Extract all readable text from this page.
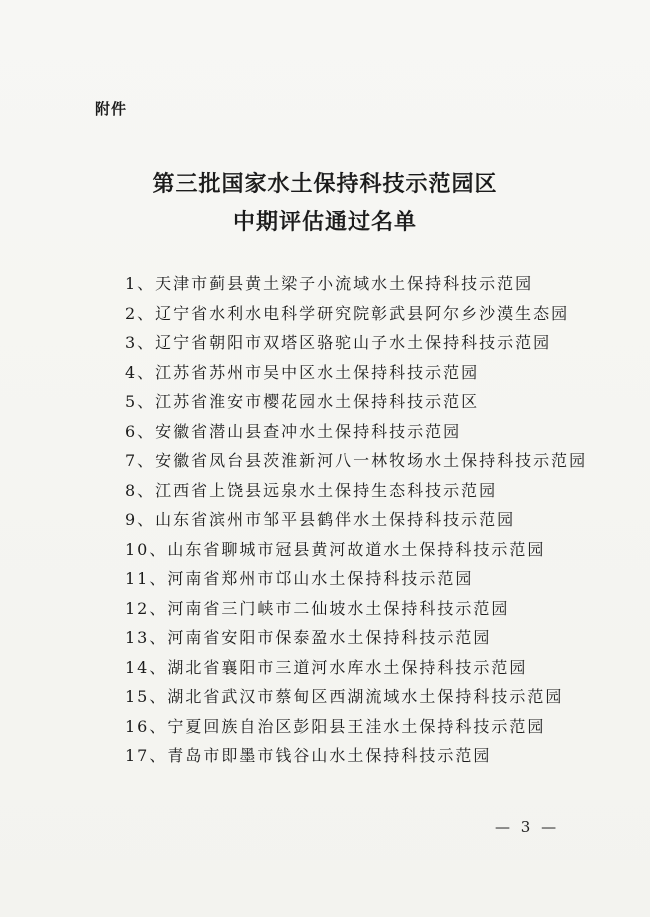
附件
第三批国家水土保持科技示范园区
中期评估通过名单
1、天津市蓟县黄土梁子小流域水土保持科技示范园
2、辽宁省水利水电科学研究院彰武县阿尔乡沙漠生态园
3、辽宁省朝阳市双塔区骆驼山子水土保持科技示范园
4、江苏省苏州市吴中区水土保持科技示范园
5、江苏省淮安市樱花园水土保持科技示范区
6、安徽省潜山县查冲水土保持科技示范园
7、安徽省凤台县茨淮新河八一林牧场水土保持科技示范园
8、江西省上饶县远泉水土保持生态科技示范园
9、山东省滨州市邹平县鹤伴水土保持科技示范园
10、山东省聊城市冠县黄河故道水土保持科技示范园
11、河南省郑州市邙山水土保持科技示范园
12、河南省三门峡市二仙坡水土保持科技示范园
13、河南省安阳市保泰盈水土保持科技示范园
14、湖北省襄阳市三道河水库水土保持科技示范园
15、湖北省武汉市蔡甸区西湖流域水土保持科技示范园
16、宁夏回族自治区彭阳县王洼水土保持科技示范园
17、青岛市即墨市钱谷山水土保持科技示范园
— 3 —
